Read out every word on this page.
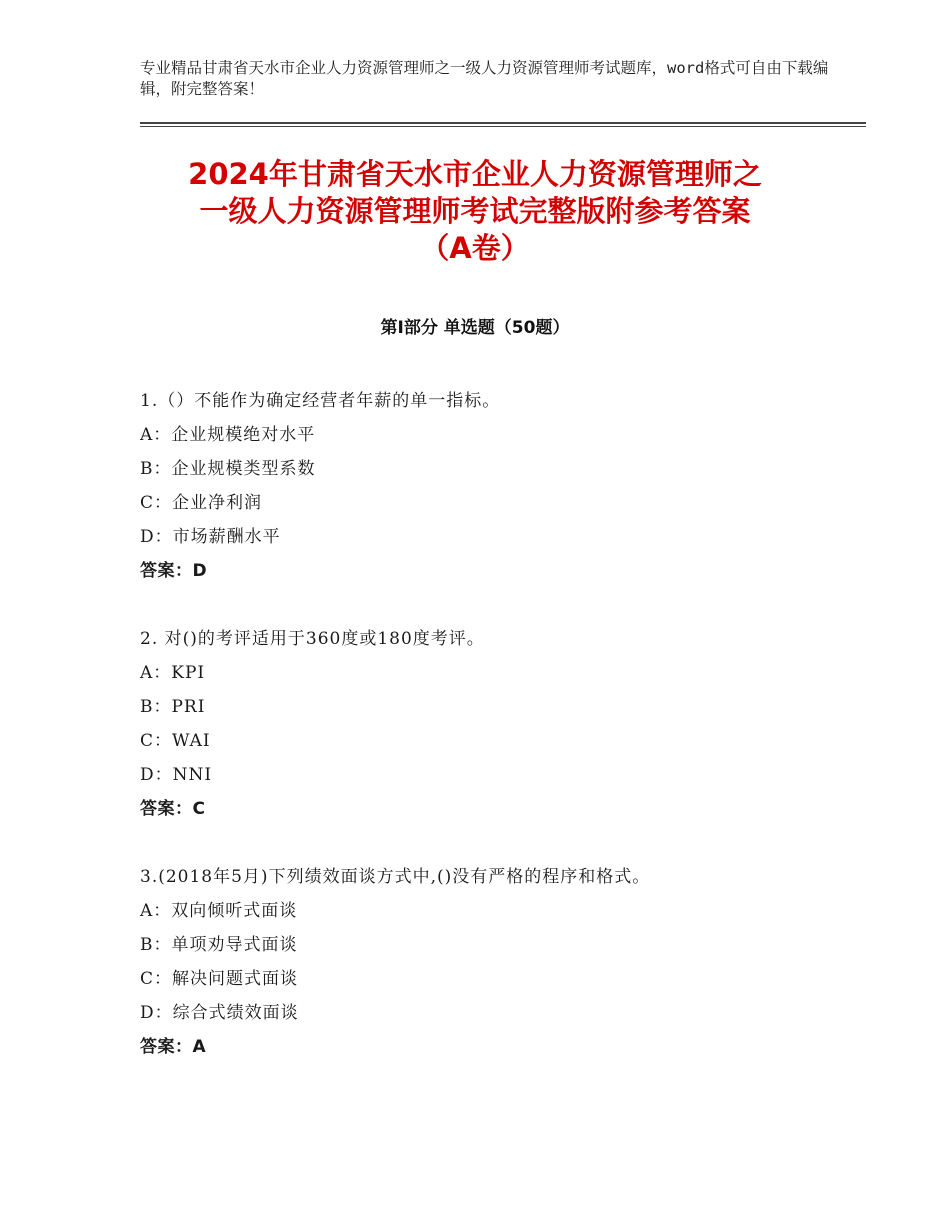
专业精品甘肃省天水市企业人力资源管理师之一级人力资源管理师考试题库，word格式可自由下载编辑，附完整答案！
2024年甘肃省天水市企业人力资源管理师之
一级人力资源管理师考试完整版附参考答案
（A卷）
第Ⅰ部分 单选题（50题）
1.（）不能作为确定经营者年薪的单一指标。
A：企业规模绝对水平
B：企业规模类型系数
C：企业净利润
D：市场薪酬水平
答案：D
2. 对()的考评适用于360度或180度考评。
A：KPI
B：PRI
C：WAI
D：NNI
答案：C
3.(2018年5月)下列绩效面谈方式中,()没有严格的程序和格式。
A：双向倾听式面谈
B：单项劝导式面谈
C：解决问题式面谈
D：综合式绩效面谈
答案：A
